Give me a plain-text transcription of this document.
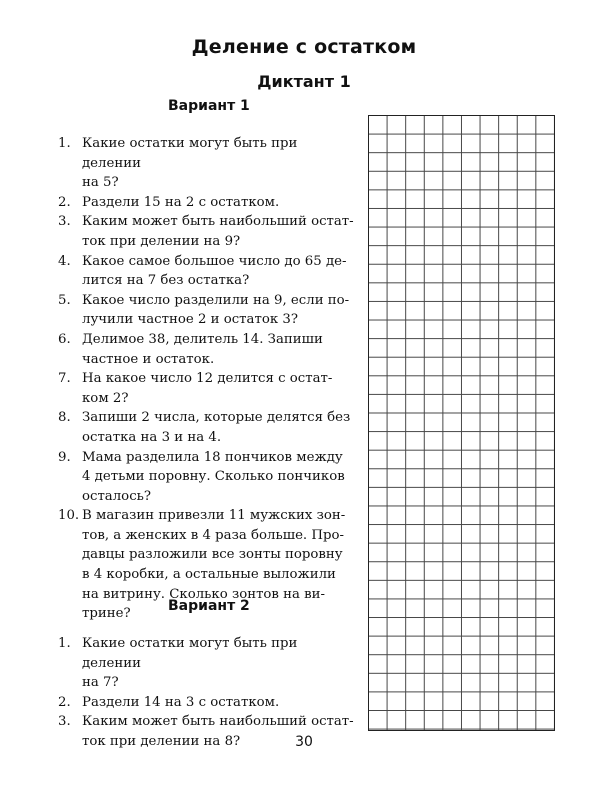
Деление с остатком
Диктант 1
Вариант 1
1. Какие остатки могут быть при делении
на 5?
2. Раздели 15 на 2 с остатком.
3. Каким может быть наибольший остат-
ток при делении на 9?
4. Какое самое большое число до 65 де-
лится на 7 без остатка?
5. Какое число разделили на 9, если по-
лучили частное 2 и остаток 3?
6. Делимое 38, делитель 14. Запиши
частное и остаток.
7. На какое число 12 делится с остат-
ком 2?
8. Запиши 2 числа, которые делятся без
остатка на 3 и на 4.
9. Мама разделила 18 пончиков между
4 детьми поровну. Сколько пончиков
осталось?
10. В магазин привезли 11 мужских зон-
тов, а женских в 4 раза больше. Про-
давцы разложили все зонты поровну
в 4 коробки, а остальные выложили
на витрину. Сколько зонтов на ви-
трине?	Вариант 2
1. Какие остатки могут быть при делении
на 7?
2. Раздели 14 на 3 с остатком.
3. Каким может быть наибольший остат-
ток при делении на 8?	30
